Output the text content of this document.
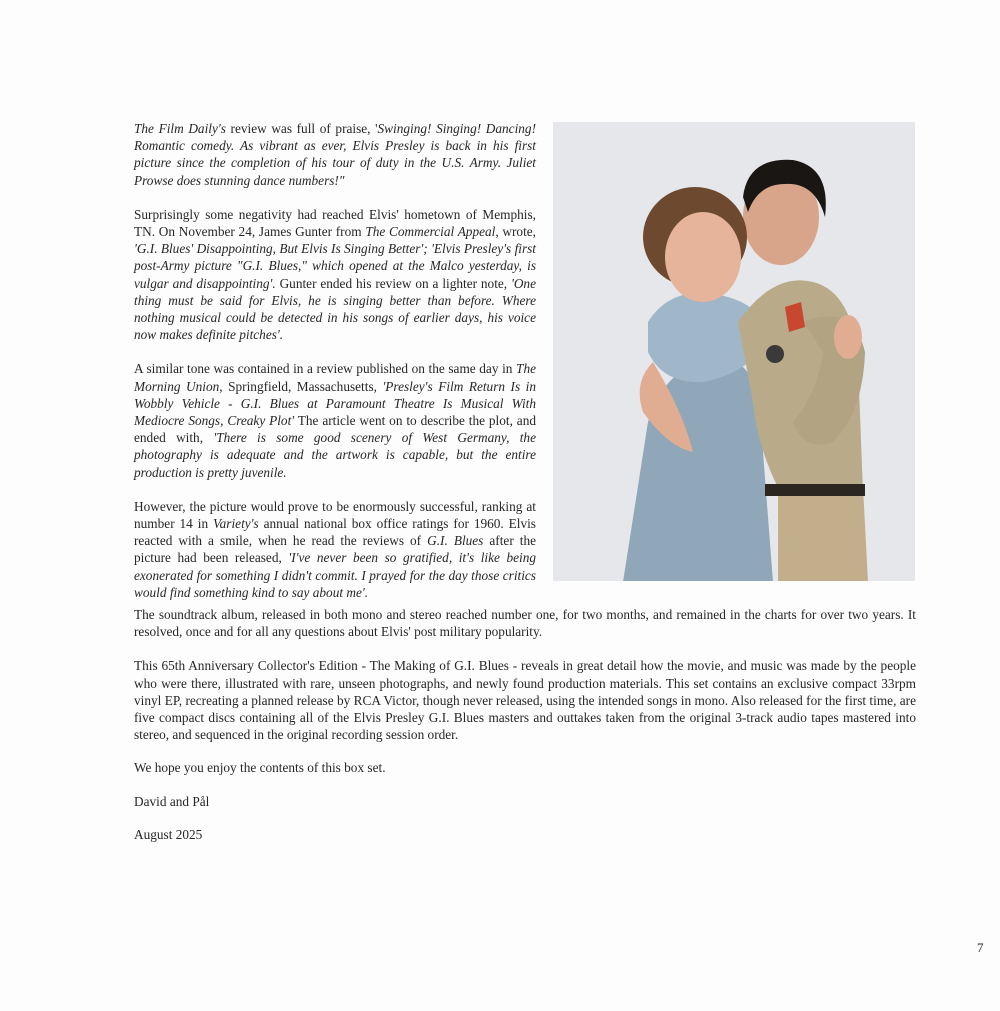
The Film Daily's review was full of praise, 'Swinging! Singing! Dancing! Romantic comedy. As vibrant as ever, Elvis Presley is back in his first picture since the completion of his tour of duty in the U.S. Army. Juliet Prowse does stunning dance numbers!"

Surprisingly some negativity had reached Elvis' hometown of Memphis, TN. On November 24, James Gunter from The Commercial Appeal, wrote, 'G.I. Blues' Disappointing, But Elvis Is Singing Better'; 'Elvis Presley's first post-Army picture "G.I. Blues," which opened at the Malco yesterday, is vulgar and disappointing'. Gunter ended his review on a lighter note, 'One thing must be said for Elvis, he is singing better than before. Where nothing musical could be detected in his songs of earlier days, his voice now makes definite pitches'.

A similar tone was contained in a review published on the same day in The Morning Union, Springfield, Massachusetts, 'Presley's Film Return Is in Wobbly Vehicle - G.I. Blues at Paramount Theatre Is Musical With Mediocre Songs, Creaky Plot' The article went on to describe the plot, and ended with, 'There is some good scenery of West Germany, the photography is adequate and the artwork is capable, but the entire production is pretty juvenile.

However, the picture would prove to be enormously successful, ranking at number 14 in Variety's annual national box office ratings for 1960. Elvis reacted with a smile, when he read the reviews of G.I. Blues after the picture had been released, 'I've never been so gratified, it's like being exonerated for something I didn't commit. I prayed for the day those critics would find something kind to say about me'.

The soundtrack album, released in both mono and stereo reached number one, for two months, and remained in the charts for over two years. It resolved, once and for all any questions about Elvis' post military popularity.

This 65th Anniversary Collector's Edition - The Making of G.I. Blues - reveals in great detail how the movie, and music was made by the people who were there, illustrated with rare, unseen photographs, and newly found production materials. This set contains an exclusive compact 33rpm vinyl EP, recreating a planned release by RCA Victor, though never released, using the intended songs in mono. Also released for the first time, are five compact discs containing all of the Elvis Presley G.I. Blues masters and outtakes taken from the original 3-track audio tapes mastered into stereo, and sequenced in the original recording session order.

We hope you enjoy the contents of this box set.

David and Pål

August 2025

7
